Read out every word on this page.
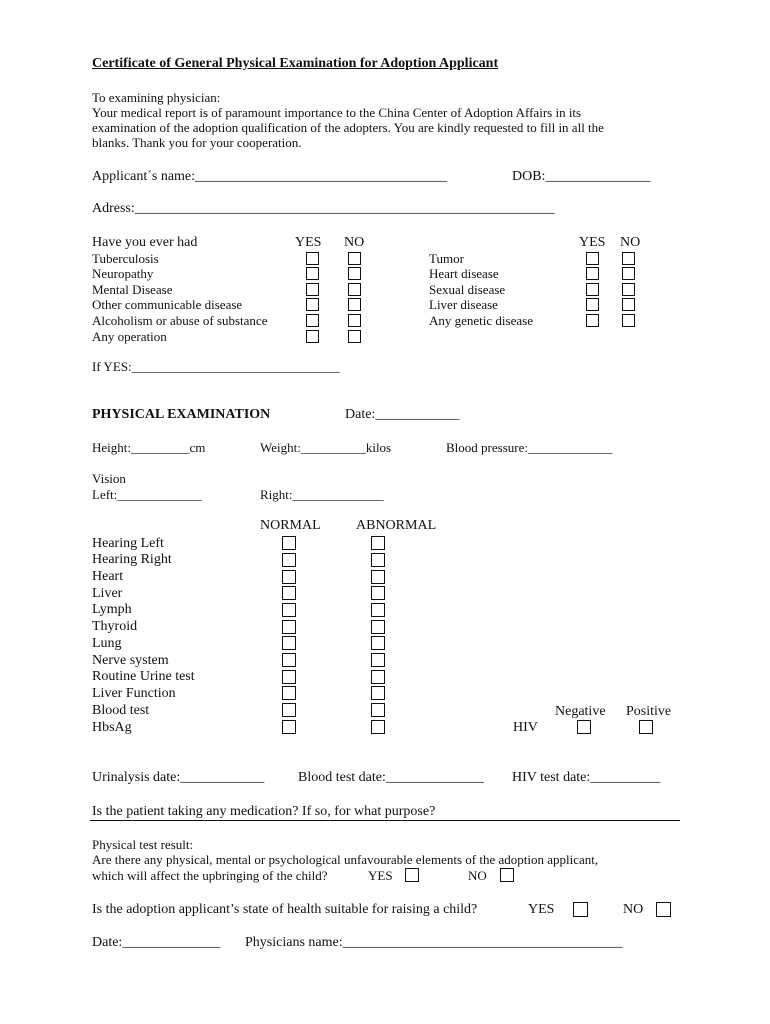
Certificate of General Physical Examination for Adoption Applicant
To examining physician:
Your medical report is of paramount importance to the China Center of Adoption Affairs in its
examination of the adoption qualification of the adopters. You are kindly requested to fill in all the
blanks. Thank you for your cooperation.
Applicant´s name:____________________________________	DOB:_______________
Adress:____________________________________________________________
Have you ever had	YES NO	YES NO
Tuberculosis
Neuropathy
Mental Disease
Other communicable disease
Alcoholism or abuse of substance
Any operation
Tumor
Heart disease
Sexual disease
Liver disease
Any genetic disease
If YES:________________________________
PHYSICAL EXAMINATION	Date:____________
Height:_________cm	Weight:__________kilos	Blood pressure:_____________
Vision
Left:_____________	Right:______________
NORMAL	ABNORMAL
Hearing Left
Hearing Right
Heart
Liver
Lymph
Thyroid
Lung
Nerve system
Routine Urine test
Liver Function
Blood test
HbsAg
Negative Positive
HIV
Urinalysis date:____________ Blood test date:______________ HIV test date:__________
Is the patient taking any medication? If so, for what purpose?
Physical test result:
Are there any physical, mental or psychological unfavourable elements of the adoption applicant,
which will affect the upbringing of the child?	YES	NO
Is the adoption applicant’s state of health suitable for raising a child?	YES	NO
Date:______________ Physicians name:________________________________________
